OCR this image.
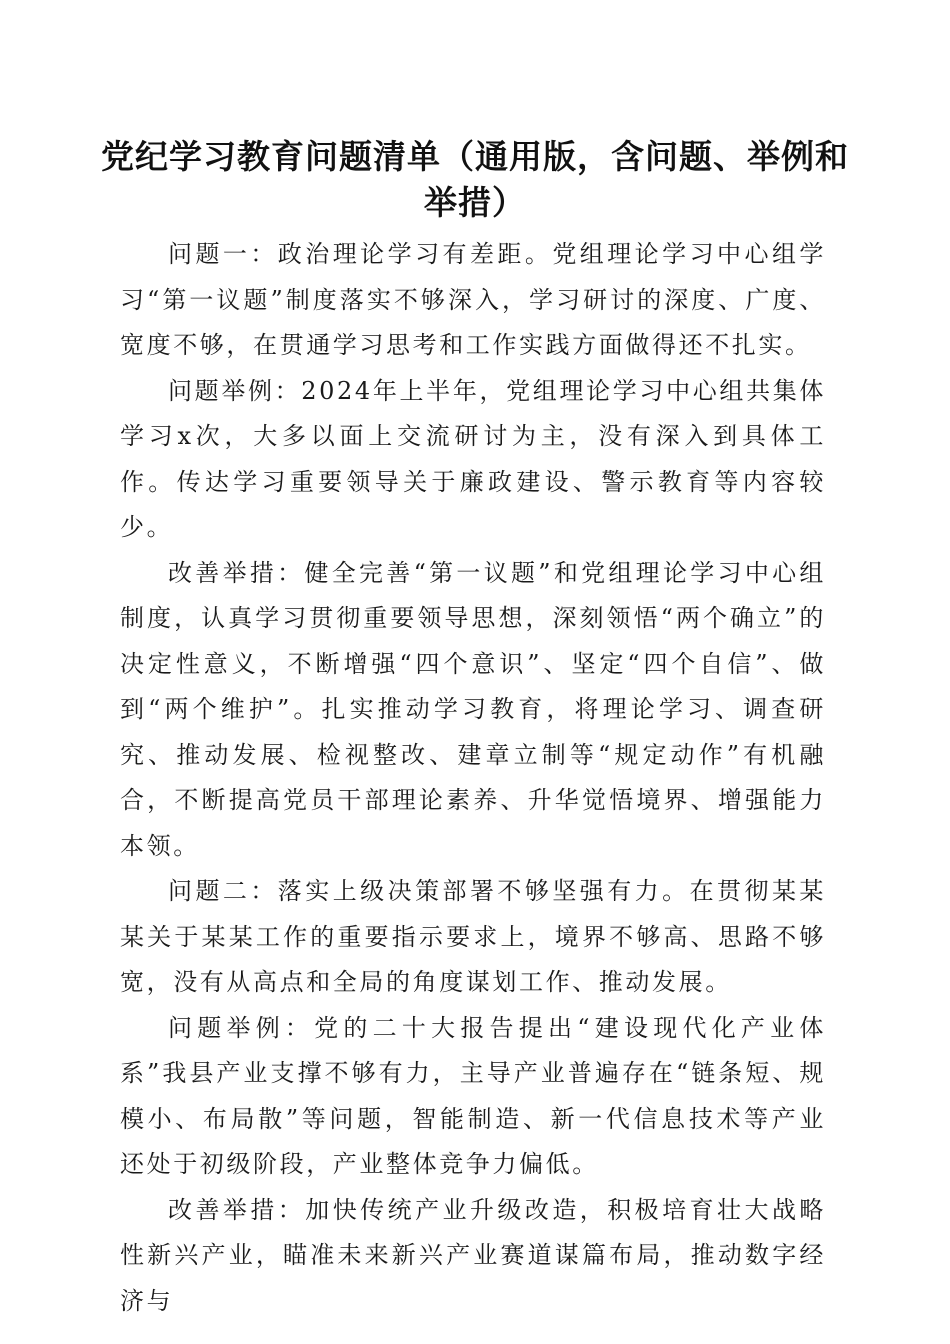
党纪学习教育问题清单（通用版，含问题、举例和举措）

问题一：政治理论学习有差距。党组理论学习中心组学习“第一议题”制度落实不够深入，学习研讨的深度、广度、宽度不够，在贯通学习思考和工作实践方面做得还不扎实。

问题举例：2024年上半年，党组理论学习中心组共集体学习x次，大多以面上交流研讨为主，没有深入到具体工作。传达学习重要领导关于廉政建设、警示教育等内容较少。

改善举措：健全完善“第一议题”和党组理论学习中心组制度，认真学习贯彻重要领导思想，深刻领悟“两个确立”的决定性意义，不断增强“四个意识”、坚定“四个自信”、做到“两个维护”。扎实推动学习教育，将理论学习、调查研究、推动发展、检视整改、建章立制等“规定动作”有机融合，不断提高党员干部理论素养、升华觉悟境界、增强能力本领。

问题二：落实上级决策部署不够坚强有力。在贯彻某某某关于某某工作的重要指示要求上，境界不够高、思路不够宽，没有从高点和全局的角度谋划工作、推动发展。

问题举例：党的二十大报告提出“建设现代化产业体系”我县产业支撑不够有力，主导产业普遍存在“链条短、规模小、布局散”等问题，智能制造、新一代信息技术等产业还处于初级阶段，产业整体竞争力偏低。

改善举措：加快传统产业升级改造，积极培育壮大战略性新兴产业，瞄准未来新兴产业赛道谋篇布局，推动数字经济与
